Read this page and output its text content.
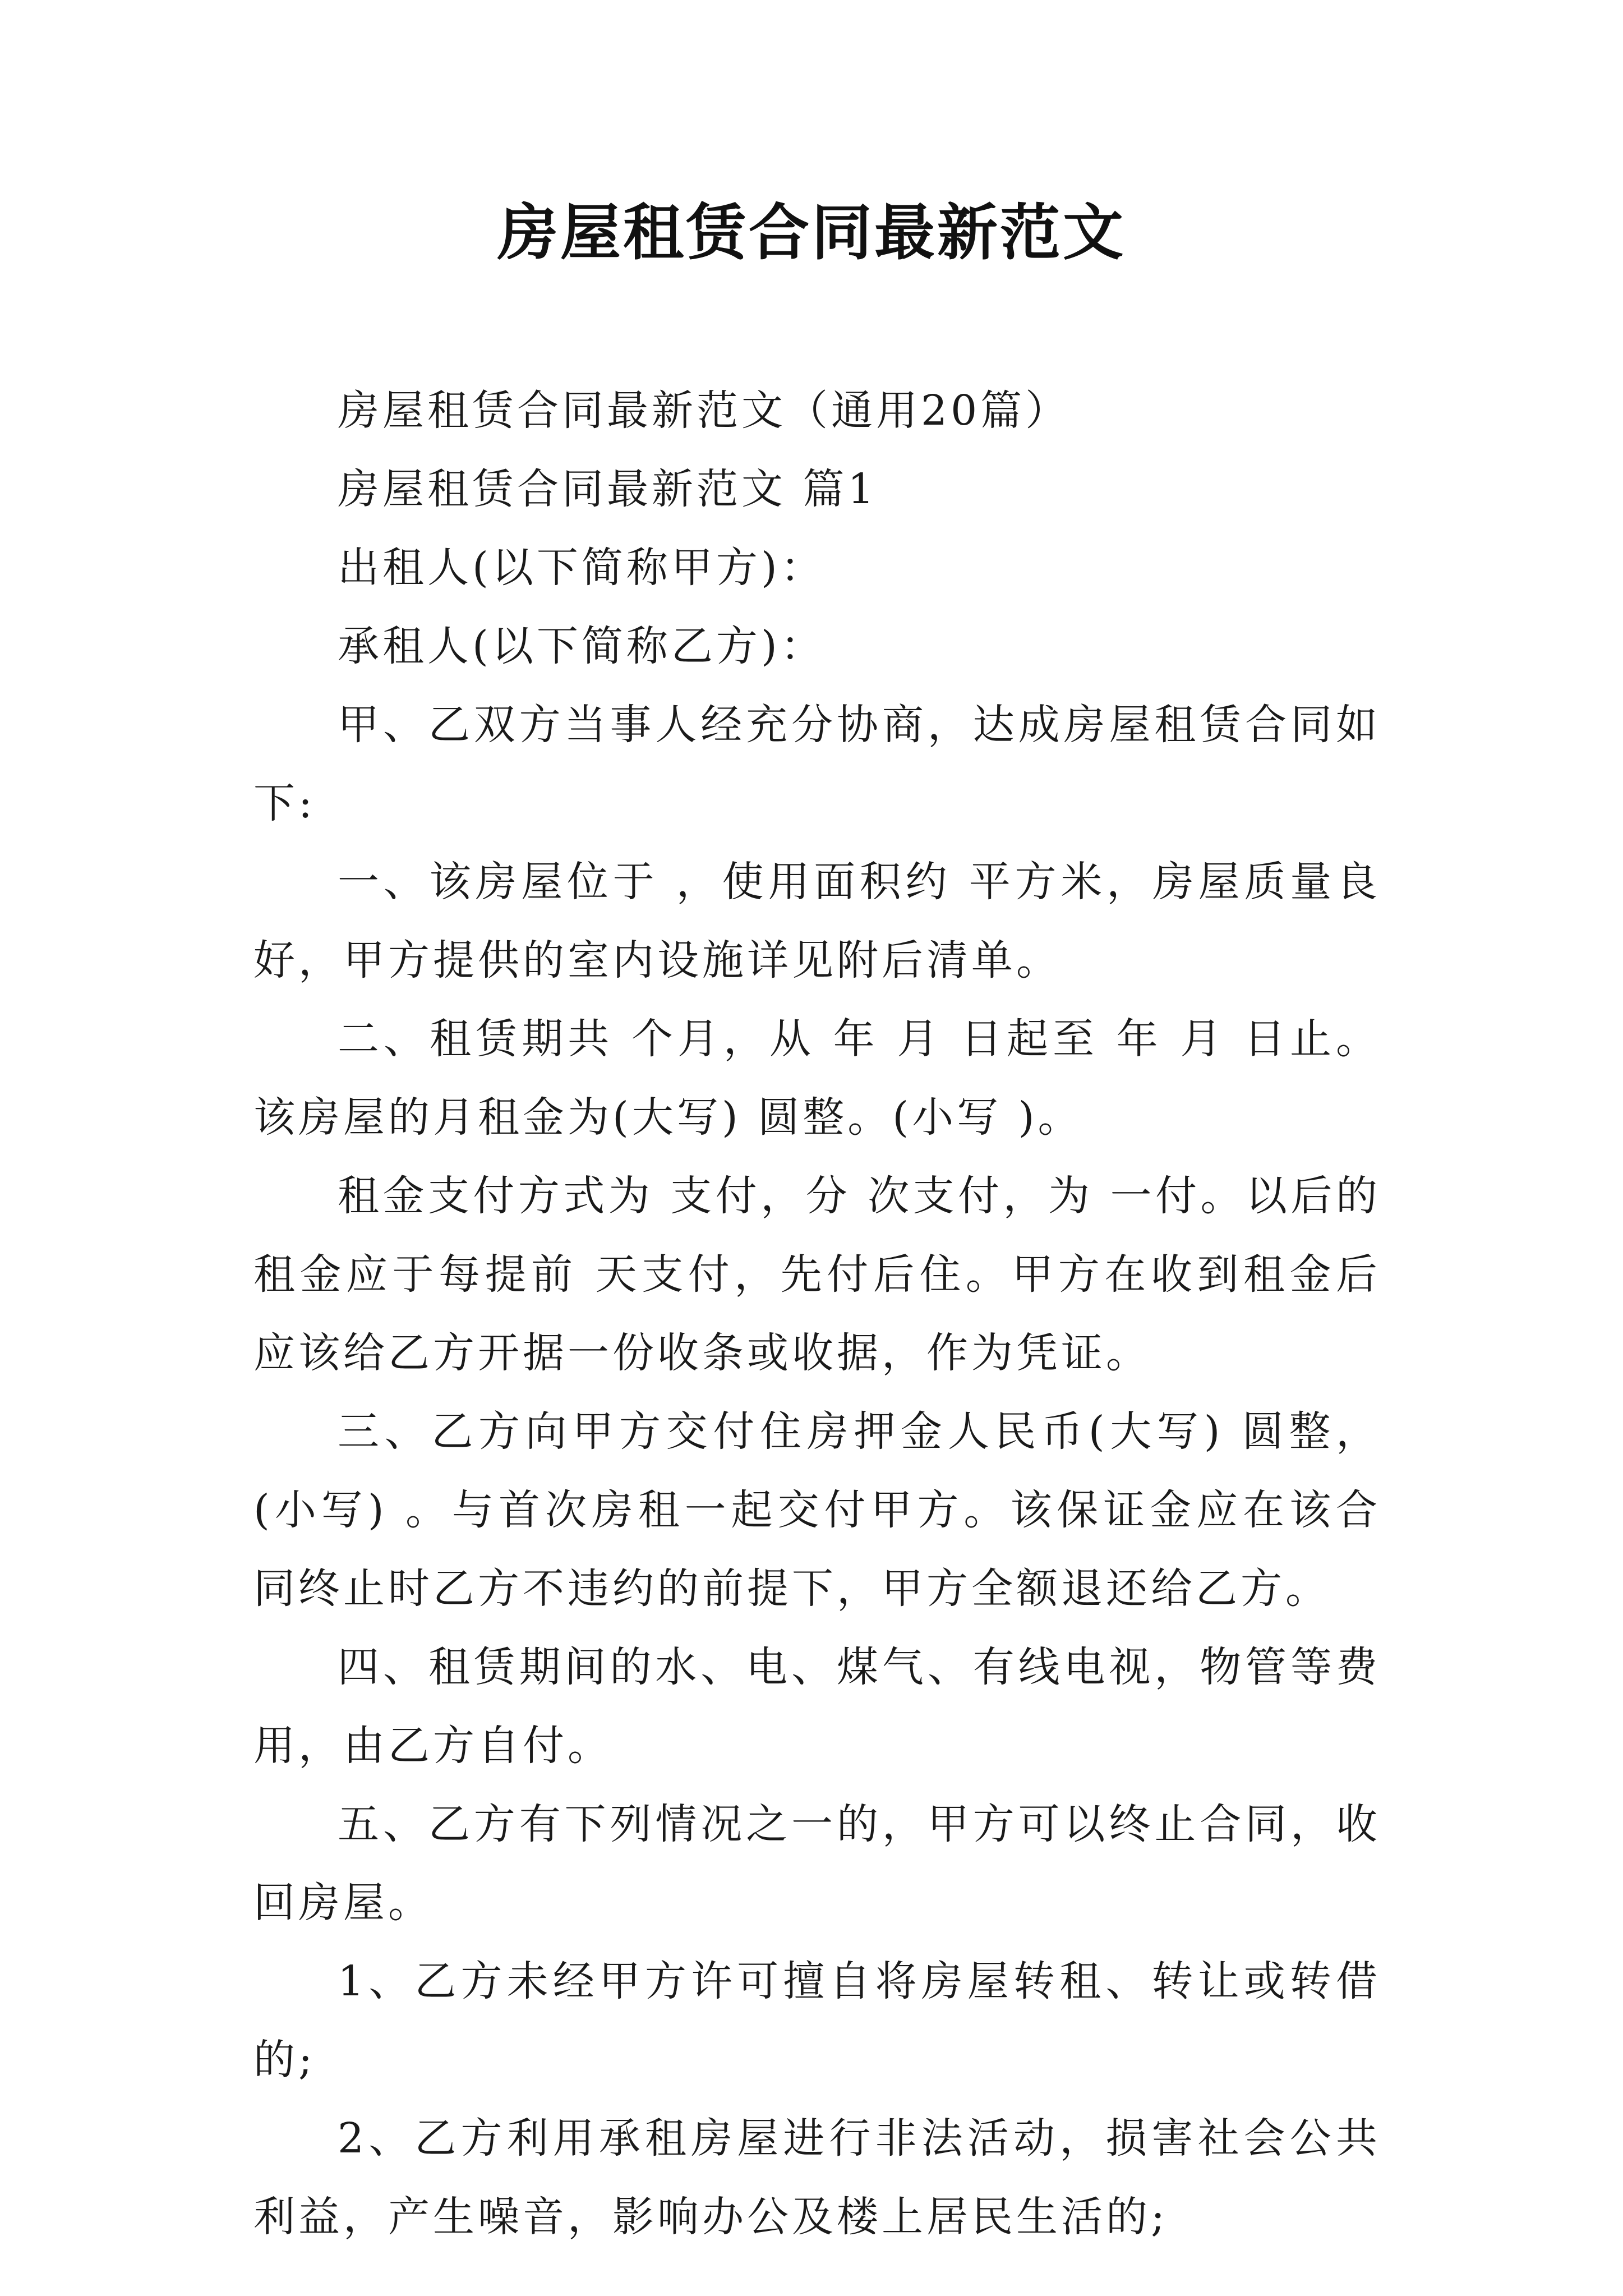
房屋租赁合同最新范文

房屋租赁合同最新范文（通用20篇）

房屋租赁合同最新范文 篇1

出租人(以下简称甲方)：

承租人(以下简称乙方)：

甲、乙双方当事人经充分协商，达成房屋租赁合同如下:

一、该房屋位于 ，使用面积约 平方米，房屋质量良好，甲方提供的室内设施详见附后清单。

二、租赁期共 个月，从 年 月 日起至 年 月 日止。该房屋的月租金为(大写) 圆整。(小写 )。

租金支付方式为 支付，分 次支付，为 一付。以后的租金应于每提前 天支付，先付后住。甲方在收到租金后应该给乙方开据一份收条或收据，作为凭证。

三、乙方向甲方交付住房押金人民币(大写) 圆整，(小写) 。与首次房租一起交付甲方。该保证金应在该合同终止时乙方不违约的前提下，甲方全额退还给乙方。

四、租赁期间的水、电、煤气、有线电视，物管等费用，由乙方自付。

五、乙方有下列情况之一的，甲方可以终止合同，收回房屋。

1、乙方未经甲方许可擅自将房屋转租、转让或转借的;

2、乙方利用承租房屋进行非法活动，损害社会公共利益，产生噪音，影响办公及楼上居民生活的;
